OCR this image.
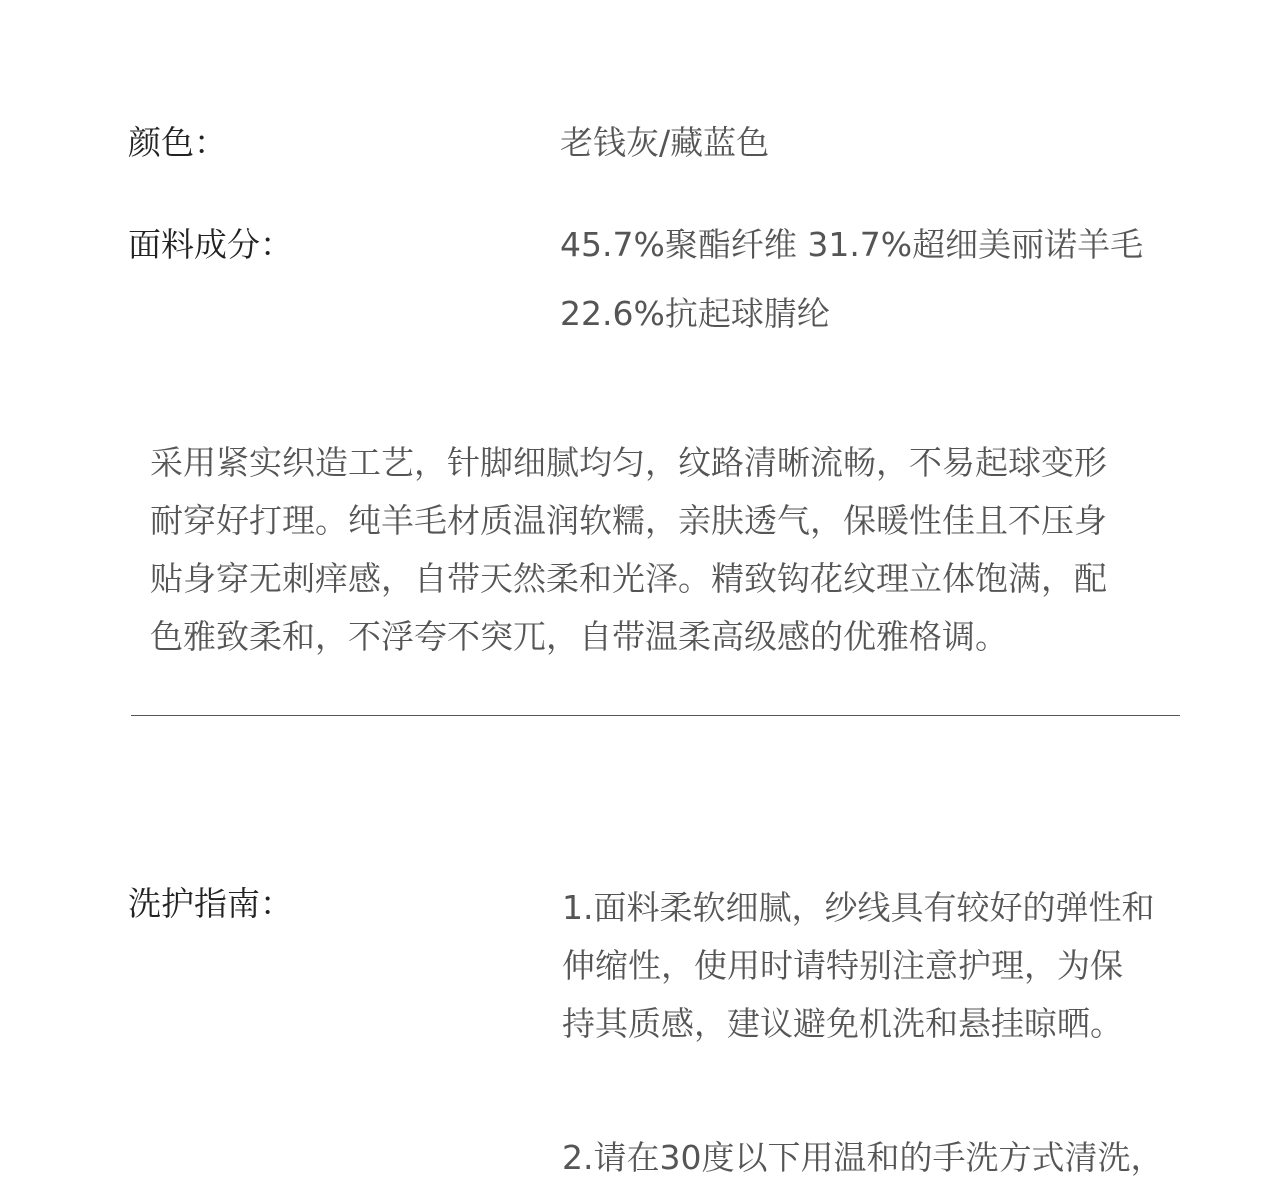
颜色：	老钱灰/藏蓝色
面料成分：	45.7%聚酯纤维 31.7%超细美丽诺羊毛
22.6%抗起球腈纶
采用紧实织造工艺，针脚细腻均匀，纹路清晰流畅，不易起球变形
耐穿好打理。纯羊毛材质温润软糯，亲肤透气，保暖性佳且不压身
贴身穿无刺痒感，自带天然柔和光泽。精致钩花纹理立体饱满，配
色雅致柔和，不浮夸不突兀，自带温柔高级感的优雅格调。
洗护指南：	1.面料柔软细腻，纱线具有较好的弹性和
伸缩性，使用时请特别注意护理，为保
持其质感，建议避免机洗和悬挂晾晒。
2.请在30度以下用温和的手洗方式清洗，
